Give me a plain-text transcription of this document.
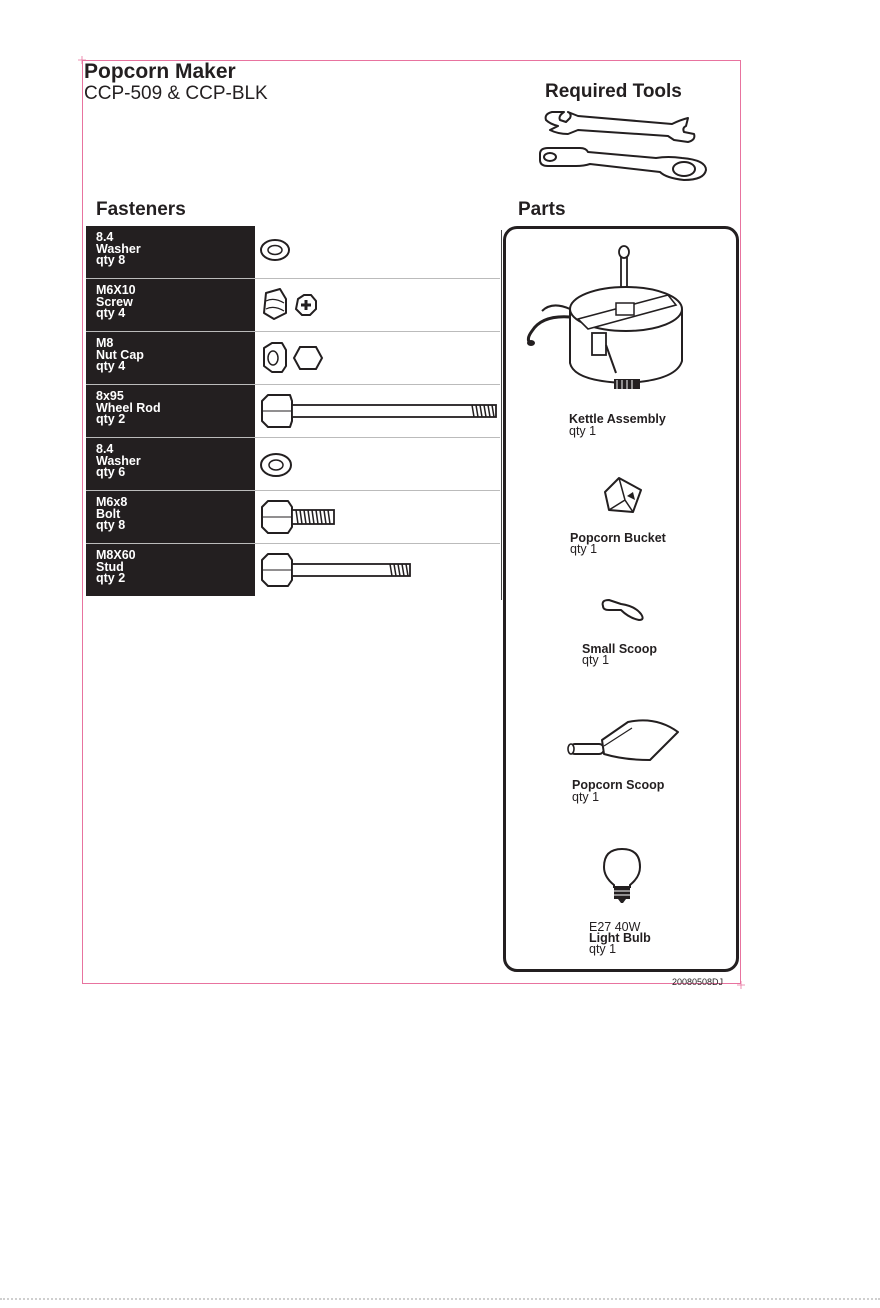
Popcorn Maker
CCP-509 & CCP-BLK	Required Tools
Fasteners	Parts
8.4
Washer
qty 8
M6X10
Screw
qty 4
M8
Nut Cap
qty 4
8x95
Wheel Rod
qty 2
8.4
Washer
qty 6
M6x8
Bolt
qty 8
M8X60
Stud
qty 2
Kettle Assembly
qty 1
Popcorn Bucket
qty 1
Small Scoop
qty 1
Popcorn Scoop
qty 1
E27 40W
Light Bulb
qty 1
20080508DJ
